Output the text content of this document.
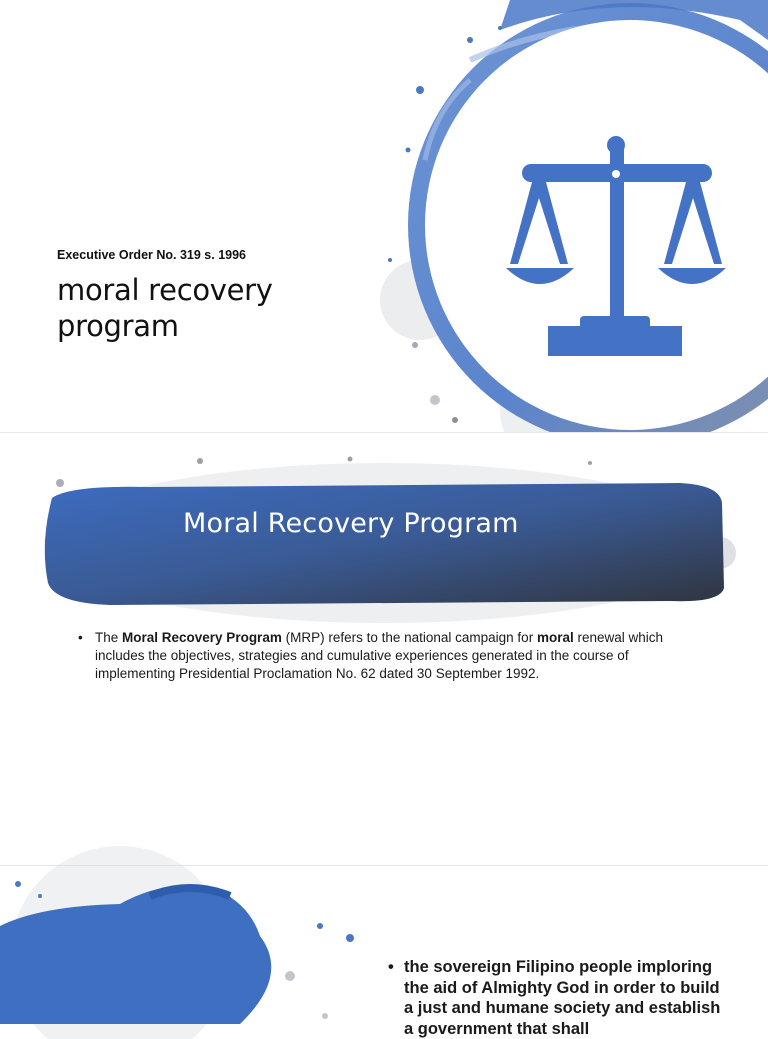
Executive Order No. 319 s. 1996
moral recovery
program
Moral Recovery Program
• The Moral Recovery Program (MRP) refers to the national campaign for moral renewal which includes the objectives, strategies and cumulative experiences generated in the course of implementing Presidential Proclamation No. 62 dated 30 September 1992.
• the sovereign Filipino people imploring the aid of Almighty God in order to build a just and humane society and establish a government that shall
